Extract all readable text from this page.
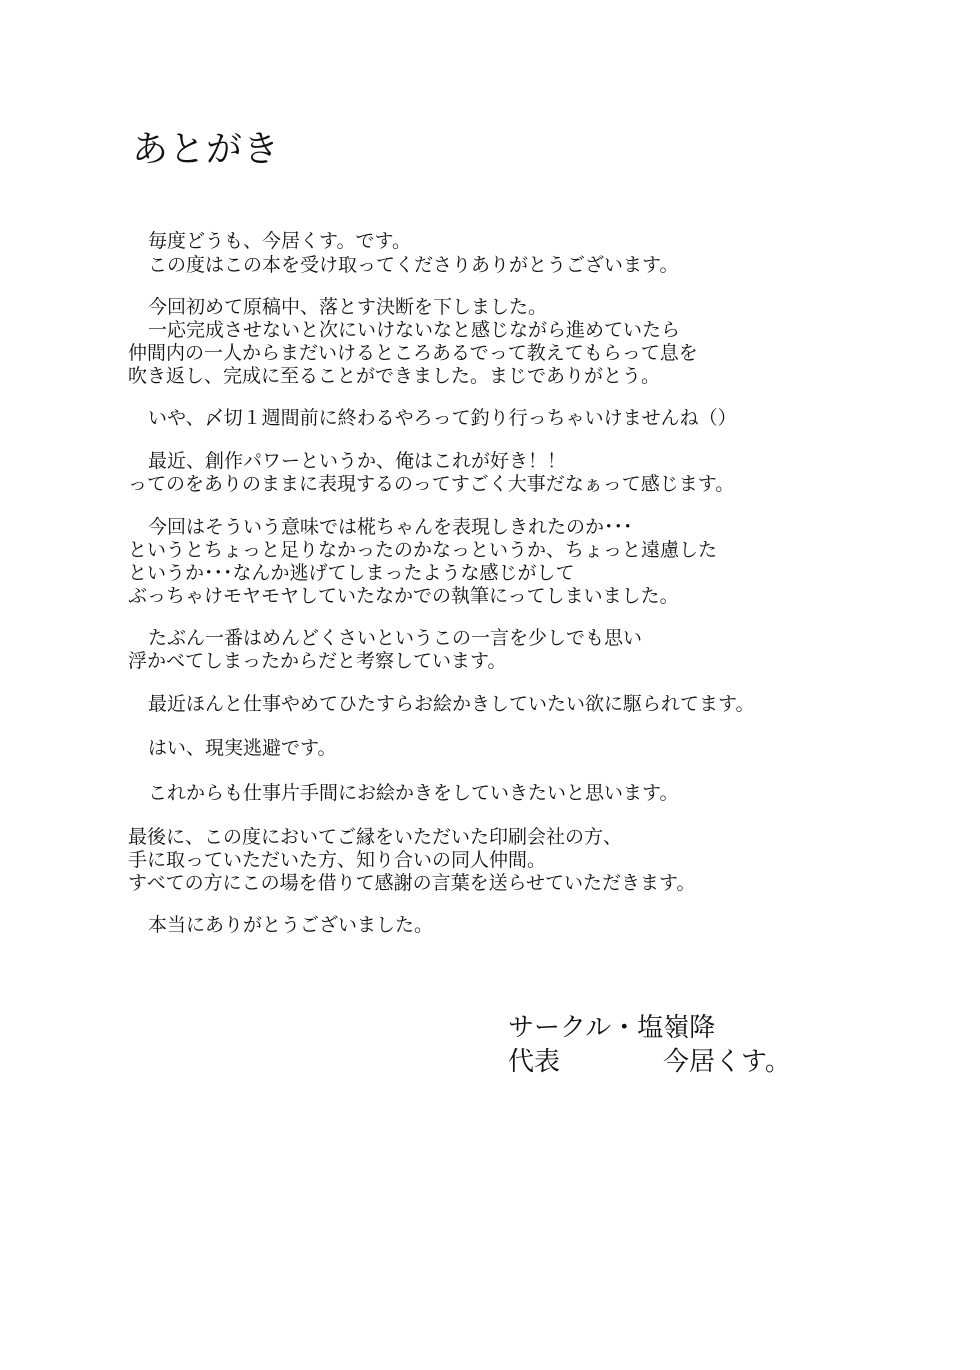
あとがき
毎度どうも、今居くす。です。
この度はこの本を受け取ってくださりありがとうございます。
今回初めて原稿中、落とす決断を下しました。
一応完成させないと次にいけないなと感じながら進めていたら
仲間内の一人からまだいけるところあるでって教えてもらって息を
吹き返し、完成に至ることができました。まじでありがとう。
いや、〆切１週間前に終わるやろって釣り行っちゃいけませんね（）
最近、創作パワーというか、俺はこれが好き！！
ってのをありのままに表現するのってすごく大事だなぁって感じます。
今回はそういう意味では椛ちゃんを表現しきれたのか･･･
というとちょっと足りなかったのかなっというか、ちょっと遠慮した
というか･･･なんか逃げてしまったような感じがして
ぶっちゃけモヤモヤしていたなかでの執筆にってしまいました。
たぶん一番はめんどくさいというこの一言を少しでも思い
浮かべてしまったからだと考察しています。
最近ほんと仕事やめてひたすらお絵かきしていたい欲に駆られてます。
はい、現実逃避です。
これからも仕事片手間にお絵かきをしていきたいと思います。
最後に、この度においてご縁をいただいた印刷会社の方、
手に取っていただいた方、知り合いの同人仲間。
すべての方にこの場を借りて感謝の言葉を送らせていただきます。
本当にありがとうございました。
サークル・塩嶺降
代表	今居くす。
